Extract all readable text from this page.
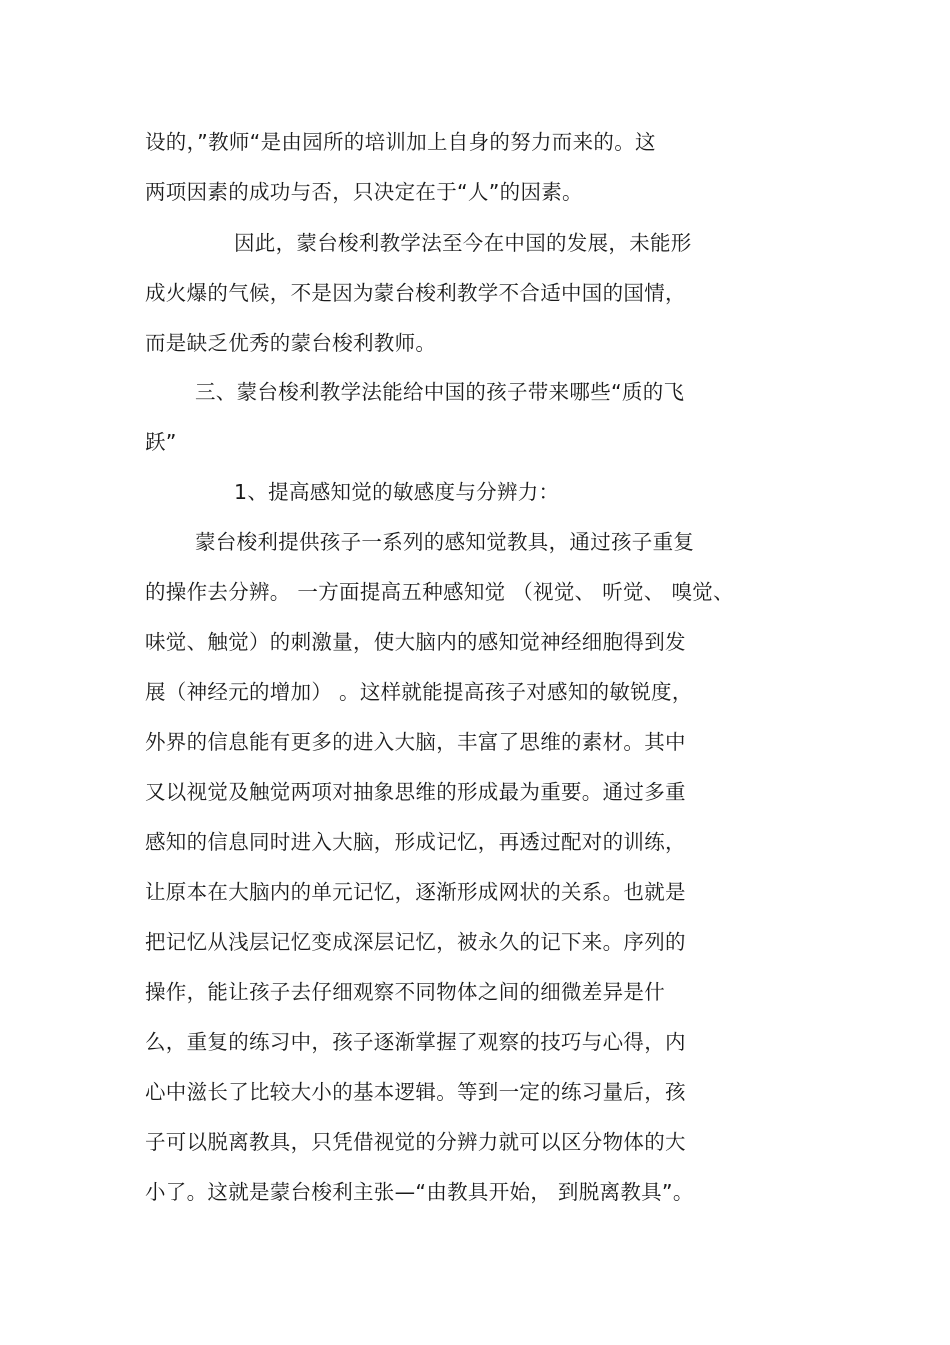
设的，”教师“是由园所的培训加上自身的努力而来的。这
两项因素的成功与否，只决定在于“人”的因素。
因此，蒙台梭利教学法至今在中国的发展，未能形
成火爆的气候，不是因为蒙台梭利教学不合适中国的国情，
而是缺乏优秀的蒙台梭利教师。
三、蒙台梭利教学法能给中国的孩子带来哪些“质的飞
跃”
1、提高感知觉的敏感度与分辨力：
蒙台梭利提供孩子一系列的感知觉教具，通过孩子重复
的操作去分辨。 一方面提高五种感知觉 （视觉、 听觉、 嗅觉、
味觉、触觉）的刺激量，使大脑内的感知觉神经细胞得到发
展（神经元的增加） 。这样就能提高孩子对感知的敏锐度，
外界的信息能有更多的进入大脑，丰富了思维的素材。其中
又以视觉及触觉两项对抽象思维的形成最为重要。通过多重
感知的信息同时进入大脑，形成记忆，再透过配对的训练，
让原本在大脑内的单元记忆，逐渐形成网状的关系。也就是
把记忆从浅层记忆变成深层记忆，被永久的记下来。序列的
操作，能让孩子去仔细观察不同物体之间的细微差异是什
么，重复的练习中，孩子逐渐掌握了观察的技巧与心得，内
心中滋长了比较大小的基本逻辑。等到一定的练习量后，孩
子可以脱离教具，只凭借视觉的分辨力就可以区分物体的大
小了。这就是蒙台梭利主张—“由教具开始， 到脱离教具”。
